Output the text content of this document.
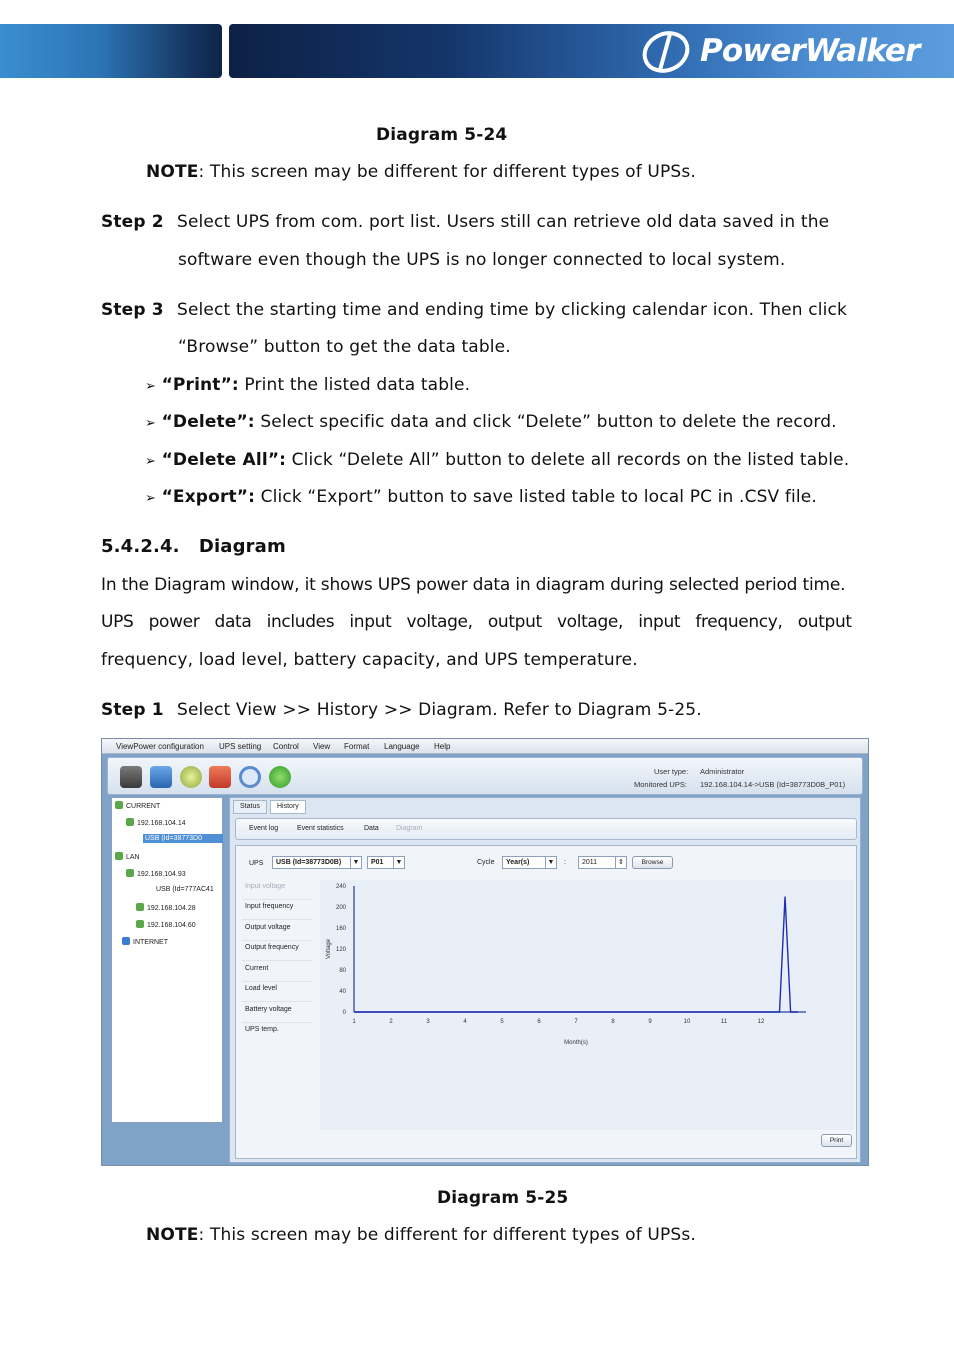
PowerWalker
Diagram 5-24
NOTE: This screen may be different for different types of UPSs.
Step 2 Select UPS from com. port list. Users still can retrieve old data saved in the
software even though the UPS is no longer connected to local system.
Step 3 Select the starting time and ending time by clicking calendar icon. Then click
“Browse” button to get the data table.
➢ “Print”: Print the listed data table.
➢ “Delete”: Select specific data and click “Delete” button to delete the record.
➢ “Delete All”: Click “Delete All” button to delete all records on the listed table.
➢ “Export”: Click “Export” button to save listed table to local PC in .CSV file.
5.4.2.4.   Diagram
In the Diagram window, it shows UPS power data in diagram during selected period time.
UPS   power   data   includes   input   voltage,   output   voltage,   input   frequency,   output
frequency, load level, battery capacity, and UPS temperature.
Step 1 Select View >> History >> Diagram. Refer to Diagram 5-25.
ViewPower configuration UPS setting Control View Format Language Help
User type: Administrator
Monitored UPS: 192.168.104.14->USB (Id=38773D0B_P01)
CURRENT
192.168.104.14
USB (Id=38773D0
LAN
192.168.104.93
USB (Id=777AC41
192.168.104.28
192.168.104.60
INTERNET
Status	History
Event log	Event statistics	Data Diagram
UPS USB (Id=38773D0B)	▼ P01	▼	Cycle Year(s)	▼ : 2011	⇕	Browse
Input voltage
Input frequency
Output voltage
Output frequency
Current
Load level
Battery voltage
UPS temp.
240
200
160
120
80
40
0
1	2	3	4	5	6	7	8	9	10	11	12
Voltage
Month(s)
Print
Diagram 5-25
NOTE: This screen may be different for different types of UPSs.
